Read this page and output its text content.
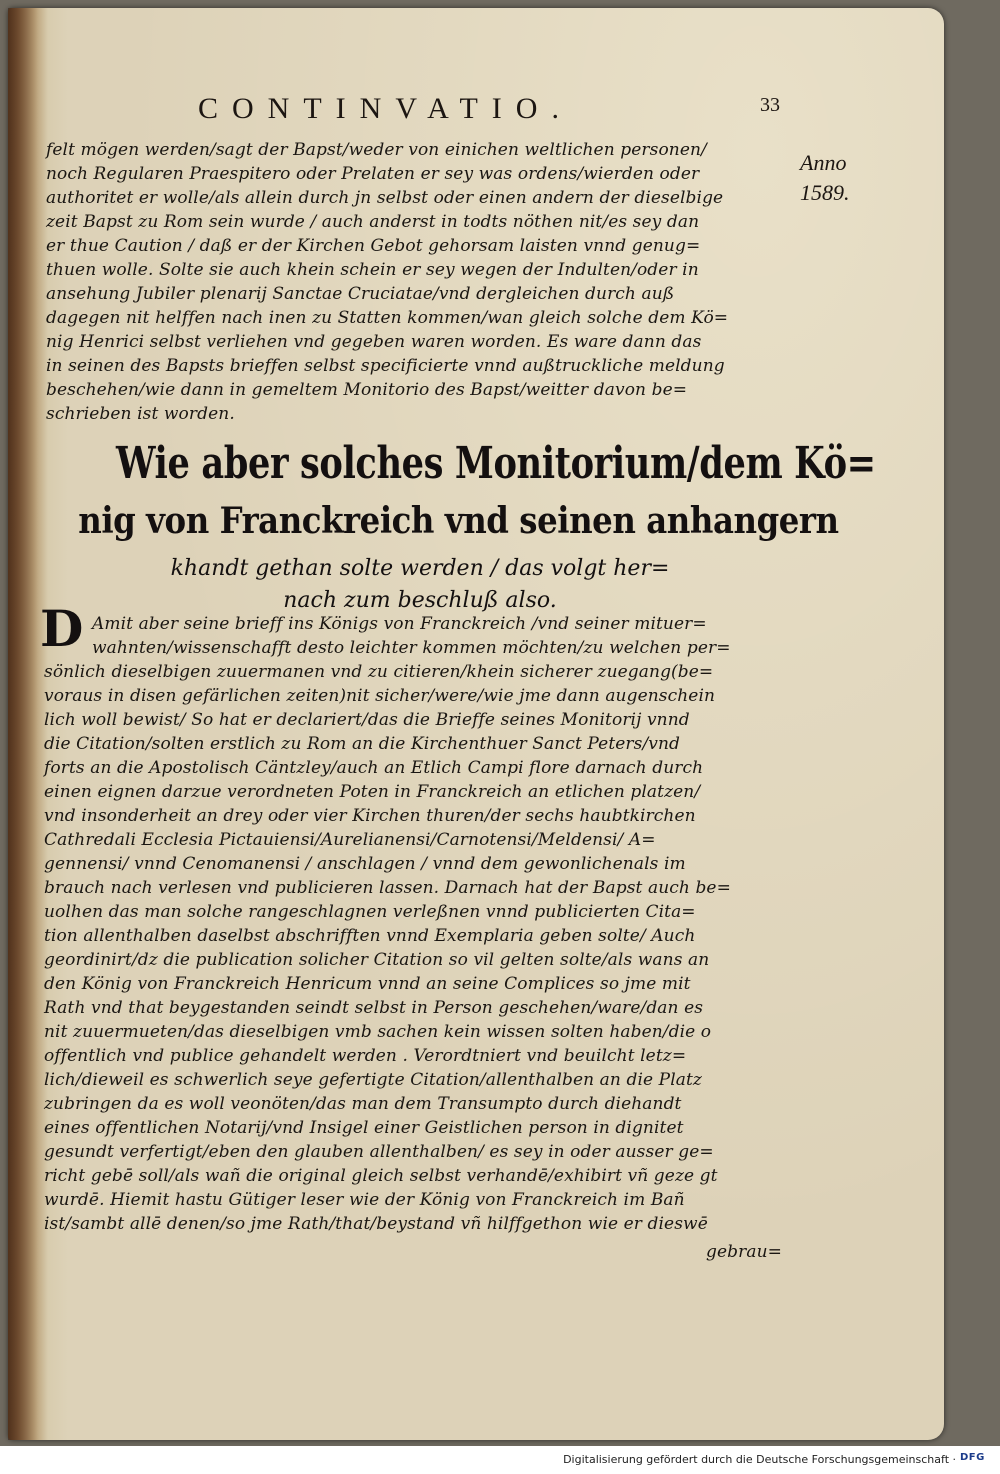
CONTINVATIO.	33
Anno
1589.
felt mögen werden/sagt der Bapst/weder von einichen weltlichen personen/
noch Regularen Praespitero oder Prelaten er sey was ordens/wierden oder
authoritet er wolle/als allein durch jn selbst oder einen andern der dieselbige
zeit Bapst zu Rom sein wurde / auch anderst in todts nöthen nit/es sey dan
er thue Caution / daß er der Kirchen Gebot gehorsam laisten vnnd genug=
thuen wolle. Solte sie auch khein schein er sey wegen der Indulten/oder in
ansehung Jubiler plenarij Sanctae Cruciatae/vnd dergleichen durch auß
dagegen nit helffen nach inen zu Statten kommen/wan gleich solche dem Kö=
nig Henrici selbst verliehen vnd gegeben waren worden. Es ware dann das
in seinen des Bapsts brieffen selbst specificierte vnnd außtruckliche meldung
beschehen/wie dann in gemeltem Monitorio des Bapst/weitter davon be=
schrieben ist worden.
Wie aber solches Monitorium/dem Kö=
nig von Franckreich vnd seinen anhangern
khandt gethan solte werden / das volgt her=
nach zum beschluß also.
D Amit aber seine brieff ins Königs von Franckreich /vnd seiner mituer=
wahnten/wissenschafft desto leichter kommen möchten/zu welchen per=
sönlich dieselbigen zuuermanen vnd zu citieren/khein sicherer zuegang(be=
voraus in disen gefärlichen zeiten)nit sicher/were/wie jme dann augenschein
lich woll bewist/ So hat er declariert/das die Brieffe seines Monitorij vnnd
die Citation/solten erstlich zu Rom an die Kirchenthuer Sanct Peters/vnd
forts an die Apostolisch Cäntzley/auch an Etlich Campi flore darnach durch
einen eignen darzue verordneten Poten in Franckreich an etlichen platzen/
vnd insonderheit an drey oder vier Kirchen thuren/der sechs haubtkirchen
Cathredali Ecclesia Pictauiensi/Aurelianensi/Carnotensi/Meldensi/ A=
gennensi/ vnnd Cenomanensi / anschlagen / vnnd dem gewonlichenals im
brauch nach verlesen vnd publicieren lassen. Darnach hat der Bapst auch be=
uolhen das man solche rangeschlagnen verleßnen vnnd publicierten Cita=
tion allenthalben daselbst abschrifften vnnd Exemplaria geben solte/ Auch
geordinirt/dz die publication solicher Citation so vil gelten solte/als wans an
den König von Franckreich Henricum vnnd an seine Complices so jme mit
Rath vnd that beygestanden seindt selbst in Person geschehen/ware/dan es
nit zuuermueten/das dieselbigen vmb sachen kein wissen solten haben/die o
offentlich vnd publice gehandelt werden . Verordtniert vnd beuilcht letz=
lich/dieweil es schwerlich seye gefertigte Citation/allenthalben an die Platz
zubringen da es woll veonöten/das man dem Transumpto durch diehandt
eines offentlichen Notarij/vnd Insigel einer Geistlichen person in dignitet
gesundt verfertigt/eben den glauben allenthalben/ es sey in oder ausser ge=
richt gebē soll/als wañ die original gleich selbst verhandē/exhibirt vñ geze gt
wurdē. Hiemit hastu Gütiger leser wie der König von Franckreich im Bañ
ist/sambt allē denen/so jme Rath/that/beystand vñ hilffgethon wie er dieswē
gebrau=
Digitalisierung gefördert durch die Deutsche Forschungsgemeinschaft · DFG
